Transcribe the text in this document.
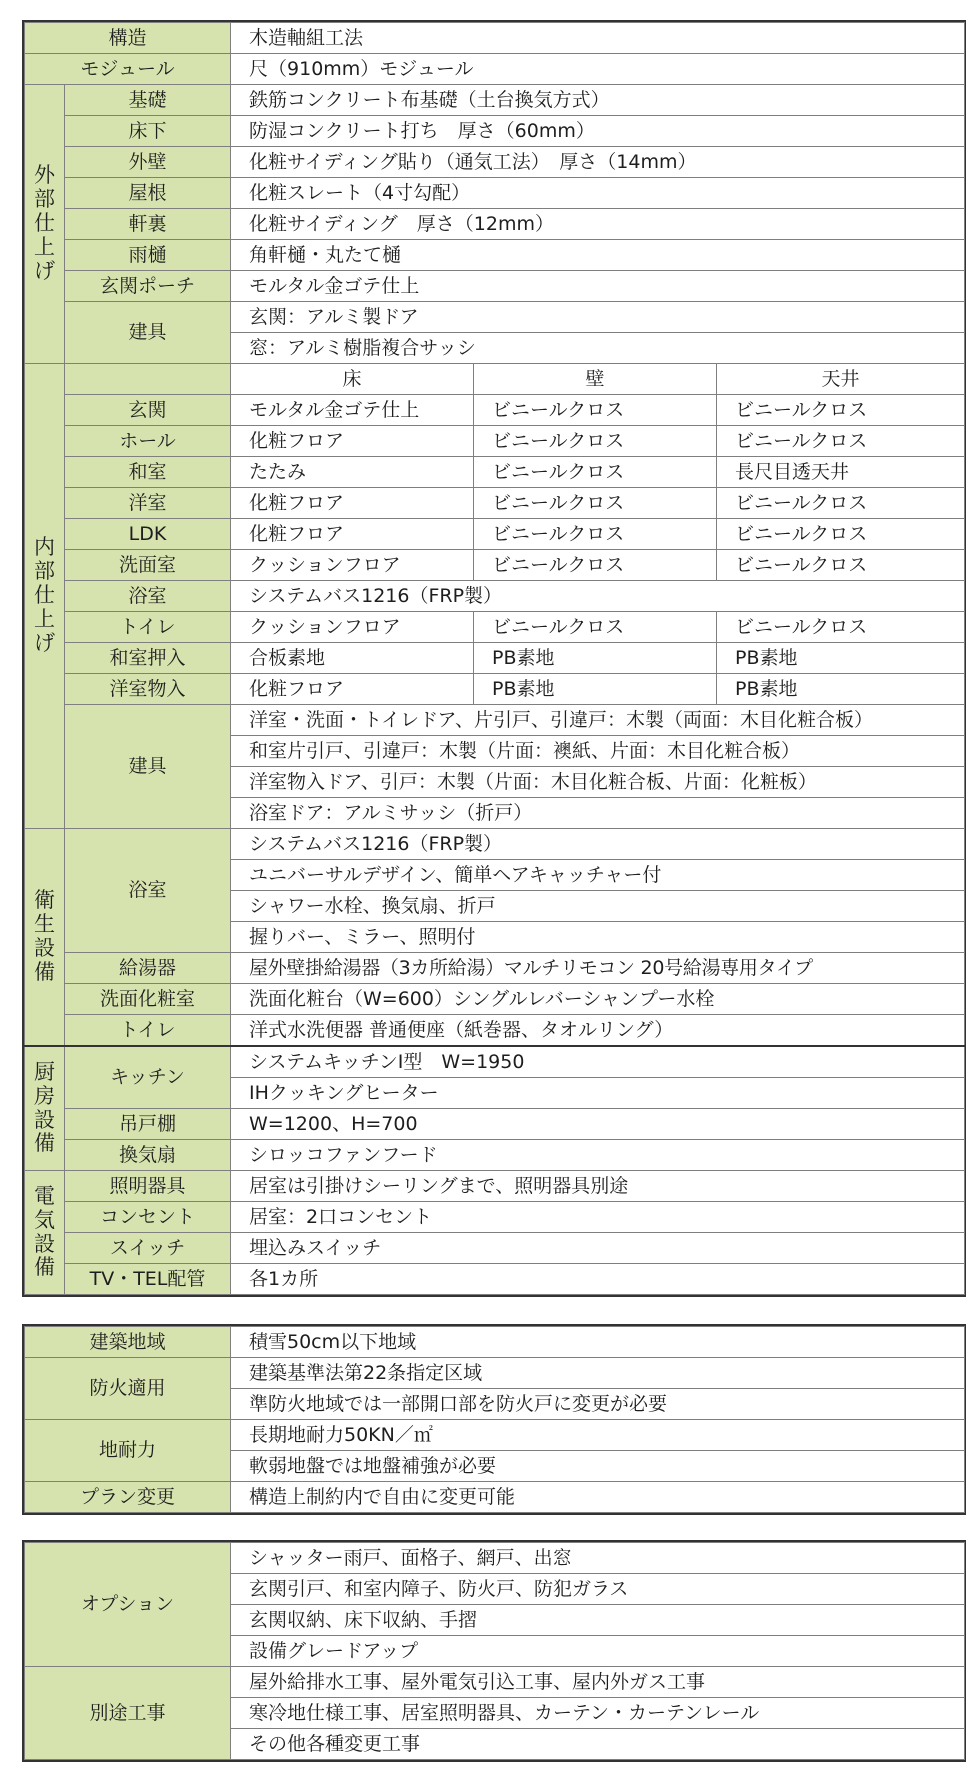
構造		木造軸組工法		
モジュール		尺（910mm）モジュール		
外部仕上げ	基礎	鉄筋コンクリート布基礎（土台換気方式）		
	床下	防湿コンクリート打ち　厚さ（60mm）		
	外壁	化粧サイディング貼り（通気工法）　厚さ（14mm）		
	屋根	化粧スレート（4寸勾配）		
	軒裏	化粧サイディング　厚さ（12mm）		
	雨樋	角軒樋・丸たて樋		
	玄関ポーチ	モルタル金ゴテ仕上		
	建具	玄関：アルミ製ドア		
		窓：アルミ樹脂複合サッシ		
内部仕上げ		床	壁	天井
	玄関	モルタル金ゴテ仕上	ビニールクロス	ビニールクロス
	ホール	化粧フロア	ビニールクロス	ビニールクロス
	和室	たたみ	ビニールクロス	長尺目透天井
	洋室	化粧フロア	ビニールクロス	ビニールクロス
	LDK	化粧フロア	ビニールクロス	ビニールクロス
	洗面室	クッションフロア	ビニールクロス	ビニールクロス
	浴室	システムバス1216（FRP製）		
	トイレ	クッションフロア	ビニールクロス	ビニールクロス
	和室押入	合板素地	PB素地	PB素地
	洋室物入	化粧フロア	PB素地	PB素地
	建具	洋室・洗面・トイレドア、片引戸、引違戸：木製（両面：木目化粧合板）		
		和室片引戸、引違戸：木製（片面：襖紙、片面：木目化粧合板）		
		洋室物入ドア、引戸：木製（片面：木目化粧合板、片面：化粧板）		
		浴室ドア：アルミサッシ（折戸）		
衛生設備	浴室	システムバス1216（FRP製）		
		ユニバーサルデザイン、簡単ヘアキャッチャー付		
		シャワー水栓、換気扇、折戸		
		握りバー、ミラー、照明付		
	給湯器	屋外壁掛給湯器（3カ所給湯）マルチリモコン 20号給湯専用タイプ		
	洗面化粧室	洗面化粧台（W=600）シングルレバーシャンプー水栓		
	トイレ	洋式水洗便器 普通便座（紙巻器、タオルリング）		
厨房設備	キッチン	システムキッチンI型　W=1950		
		IHクッキングヒーター		
	吊戸棚	W=1200、H=700		
	換気扇	シロッコファンフード		
電気設備	照明器具	居室は引掛けシーリングまで、照明器具別途		
	コンセント	居室：2口コンセント		
	スイッチ	埋込みスイッチ		
	TV・TEL配管	各1カ所		
建築地域	積雪50cm以下地域
防火適用	建築基準法第22条指定区域
	準防火地域では一部開口部を防火戸に変更が必要
地耐力	長期地耐力50KN／㎡
	軟弱地盤では地盤補強が必要
プラン変更	構造上制約内で自由に変更可能
オプション	シャッター雨戸、面格子、網戸、出窓
	玄関引戸、和室内障子、防火戸、防犯ガラス
	玄関収納、床下収納、手摺
	設備グレードアップ
別途工事	屋外給排水工事、屋外電気引込工事、屋内外ガス工事
	寒冷地仕様工事、居室照明器具、カーテン・カーテンレール
	その他各種変更工事
